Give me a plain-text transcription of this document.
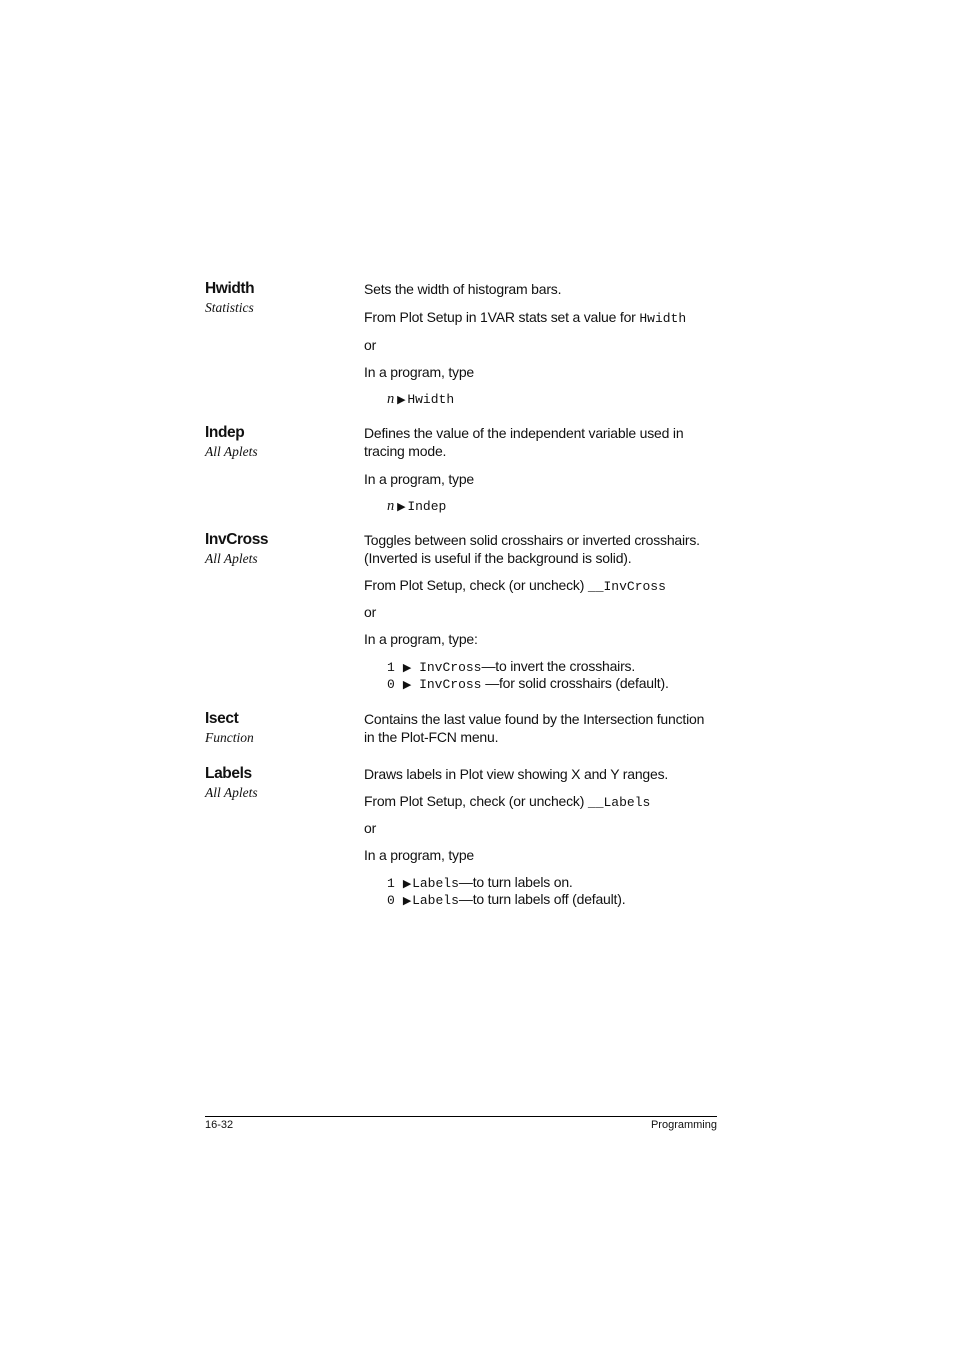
Hwidth
Statistics
Sets the width of histogram bars.
From Plot Setup in 1VAR stats set a value for Hwidth
or
In a program, type
n ▶ Hwidth
Indep
All Aplets
Defines the value of the independent variable used in
tracing mode.
In a program, type
n ▶ Indep
InvCross
All Aplets
Toggles between solid crosshairs or inverted crosshairs.
(Inverted is useful if the background is solid).
From Plot Setup, check (or uncheck) __InvCross
or
In a program, type:
1 ▶ InvCross—to invert the crosshairs.
0 ▶ InvCross —for solid crosshairs (default).
Isect
Function
Contains the last value found by the Intersection function
in the Plot-FCN menu.
Labels
All Aplets
Draws labels in Plot view showing X and Y ranges.
From Plot Setup, check (or uncheck) __Labels
or
In a program, type
1 ▶Labels—to turn labels on.
0 ▶Labels—to turn labels off (default).
16-32	Programming
